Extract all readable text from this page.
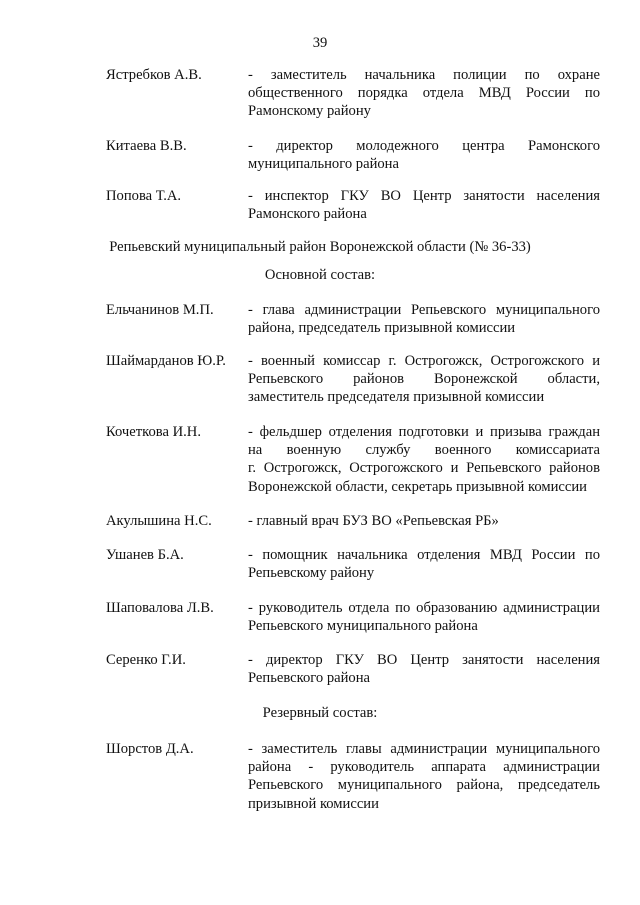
39
Ястребков А.В.	- заместитель начальника полиции по охране
общественного порядка отдела МВД России по
Рамонскому району
Китаева В.В.	- директор молодежного центра Рамонского
муниципального района
Попова Т.А.	- инспектор ГКУ ВО Центр занятости населения
Рамонского района
Репьевский муниципальный район Воронежской области (№ 36-33)
Основной состав:
Ельчанинов М.П. - глава администрации Репьевского муниципального
района, председатель призывной комиссии
Шаймарданов Ю.Р. - военный комиссар г. Острогожск, Острогожского и
Репьевского районов Воронежской области,
заместитель председателя призывной комиссии
Кочеткова И.Н.	- фельдшер отделения подготовки и призыва граждан
на военную службу военного комиссариата
г. Острогожск, Острогожского и Репьевского районов
Воронежской области, секретарь призывной комиссии
Акулышина Н.С. - главный врач БУЗ ВО «Репьевская РБ»
Ушанев Б.А.	- помощник начальника отделения МВД России по
Репьевскому району
Шаповалова Л.В. - руководитель отдела по образованию администрации
Репьевского муниципального района
Серенко Г.И.	- директор ГКУ ВО Центр занятости населения
Репьевского района
Резервный состав:
Шорстов Д.А.	- заместитель главы администрации муниципального
района - руководитель аппарата администрации
Репьевского муниципального района, председатель
призывной комиссии
